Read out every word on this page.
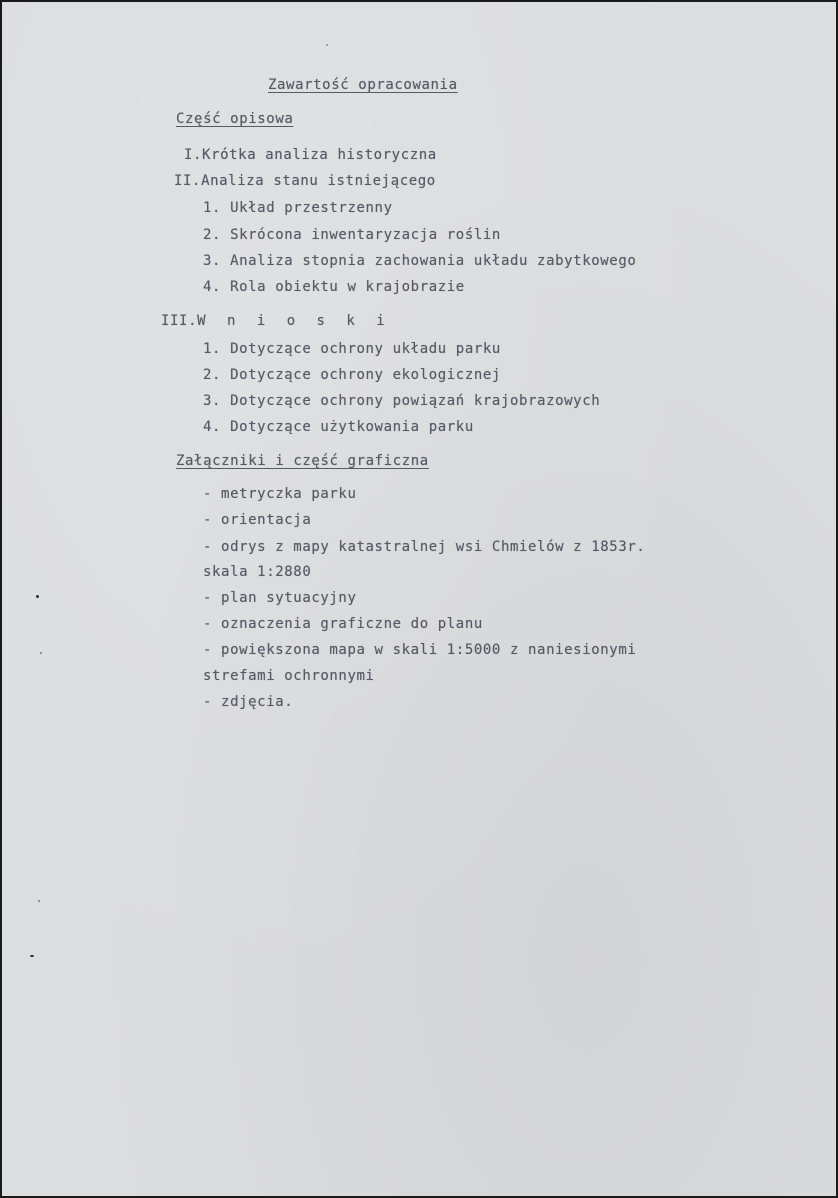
Zawartość opracowania
Część opisowa
I.Krótka analiza historyczna
II.Analiza stanu istniejącego
1. Układ przestrzenny
2. Skrócona inwentaryzacja roślin
3. Analiza stopnia zachowania układu zabytkowego
4. Rola obiektu w krajobrazie
III.W n i o s k i
1. Dotyczące ochrony układu parku
2. Dotyczące ochrony ekologicznej
3. Dotyczące ochrony powiązań krajobrazowych
4. Dotyczące użytkowania parku
Załączniki i część graficzna
- metryczka parku
- orientacja
- odrys z mapy katastralnej wsi Chmielów z 1853r.
skala 1:2880
- plan sytuacyjny
- oznaczenia graficzne do planu
- powiększona mapa w skali 1:5000 z naniesionymi
strefami ochronnymi
- zdjęcia.
